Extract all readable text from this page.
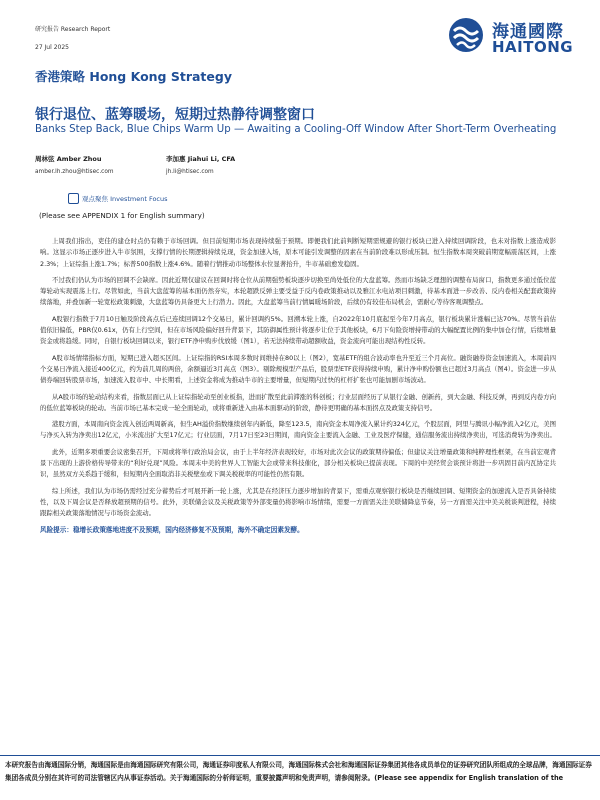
研究报告 Research Report
27 Jul 2025
海通國際
HAITONG
香港策略 Hong Kong Strategy
银行退位、蓝筹暖场，短期过热静待调整窗口
Banks Step Back, Blue Chips Warm Up — Awaiting a Cooling-Off Window After Short-Term Overheating
周林弦 Amber Zhou
amber.lh.zhou@htisec.com
李加惠 Jiahui Li, CFA
jh.li@htisec.com
观点聚焦 Investment Focus
(Please see APPENDIX 1 for English summary)

上周我们指出，吏佳的建仓时点仍有赖于市场回调。但目前短期市场表现持续强于预期。即便我们此前判断短期需规避的银行板块已进入持续回调阶段，也未对指数上涨造成影响。这显示市场正逐步进入牛市氛围，支撑行情的长期逻辑持续兑现，资金加速入场，原本可能引发调整的因素在当前阶段难以形成压制。恒生指数本周突破前期宽幅震荡区间，上涨2.3%；上证综指上涨1.7%；标普500指数上涨4.6%。随着行情推动市场整体水位显著抬升，牛市基础愈发稳固。

不过我们仍认为市场的回调不会缺席。因此近期仅建议在回调时将仓位从前期强势板块逐步切换至尚处低位的大盘蓝筹。然而市场缺乏理想的调整布局窗口，指数更多通过低位蓝筹轮动实现震荡上行。尽管如此，当前大盘蓝筹的基本面仍然夯实，本轮超跌反弹主要受益于反内卷政策推动以及雅江水电站项目刺激，待基本面进一步改善、反内卷相关配套政策持续落地，并叠加新一轮宽松政策刺激，大盘蓝筹仍具备更大上行潜力。因此，大盘蓝筹当前行情属暖场阶段，后续仍有较佳布局机会，需耐心等待客观调整点。

A股银行指数于7月10日触及阶段高点后已连续回调12个交易日，累计回调约5%。回溯本轮上涨，自2022年10月底起至今年7月高点，银行板块累计涨幅已达70%。尽管当前估值依旧偏低，PBR仅0.61x，仍有上行空间，但在市场风险偏好回升背景下，其防御属性预计将逐步让位于其他板块，6月下旬险资增持带动的大幅配置比例的集中加仓行情，后续增量资金或将趋缓。同时，自银行板块回调以来，银行ETF净申购步伐放缓（图1），若无法持续带动超额收益，资金流向可能出现结构性反转。

A股市场情绪指标方面，短期已进入超买区间。上证综指的RSI本周多数时间维持在80以上（图2），宽基ETF的组合波动率也升至近三个月高位。融资融券资金加速流入，本周前四个交易日净流入接近400亿元，约为前几周的两倍，余额逼近3月高点（图3）。剔除规模型产品后，股票型ETF获得持续申购，累计净申购份额也已超过3月高点（图4）。资金进一步从债券端回转股票市场，加速流入股市中、中长期看，上述资金将成为推动牛市的主要增量，但短期内过快的杠杆扩张也可能加剧市场波动。

从A股市场的轮动结构来看，指数层面已从上证综指轮动至创业板指，进而扩散至此前滞涨的科创板；行业层面经历了从银行金融、创新药，到大金融、科技反弹，再到反内卷方向的低位蓝筹板块的轮动。当前市场已基本完成一轮全面轮动，或将重新进入由基本面驱动的阶段，静待更明确的基本面拐点及政策支持信号。

港股方面，本周南向资金流入创近两周新高，但生AH溢价指数继续创年内新低，降至123.5，南向资金本周净流入累计约324亿元，个股层面，阿里与腾讯小幅净流入2亿元，美图与净买入转为净卖出12亿元，小米流出扩大至17亿元；行业层面，7月17日至23日期间，南向资金主要流入金融、工业及医疗保健，通信服务流出持续净卖出，可选消费转为净卖出。

此外，近期多项重要会议密集召开，下周或将举行政治局会议，由于上半年经济表现较好，市场对此次会议的政策期待偏低；但建议关注增量政策和纯粹理性框架，在当前宏观背景下出现的上游价格传导带来的“利好兑现”风险。本周末中美的世界人工智能大会或带来科技催化，部分相关板块已提前表现。下周的中美经贸会谈预计将进一步巩固目前内瓦协定共识，虽然双方关系趋于缓和，但短期内全面取消非关税壁垒或下调关税税率的可能性仍然有限。

综上所述，我们认为市场仍需经过充分蓄势后才可展开新一轮上涨，尤其是在经济压力逐步增加的背景下，需重点观察银行板块是否继续回调、短期资金的加速流入是否具备持续性，以及下周会议是否释放超预期的信号。此外，美联储会议及关税政策等外部变量仍将影响市场情绪，需要一方面需关注美联储降息节奏，另一方面需关注中美关税谈判进程，持续跟踪相关政策落地情况与市场资金流动。

风险提示：稳增长政策落地进度不及预期，国内经济修复不及预期，海外不确定因素发酵。
本研究报告由海通国际分销，海通国际是由海通国际研究有限公司，海通证券印度私人有限公司，海通国际株式会社和海通国际证券集团其他各成员单位的证券研究团队所组成的全球品牌，海通国际证券集团各成员分别在其许可的司法管辖区内从事证券活动。关于海通国际的分析师证明，重要披露声明和免责声明，请参阅附录。(Please see appendix for English translation of the
